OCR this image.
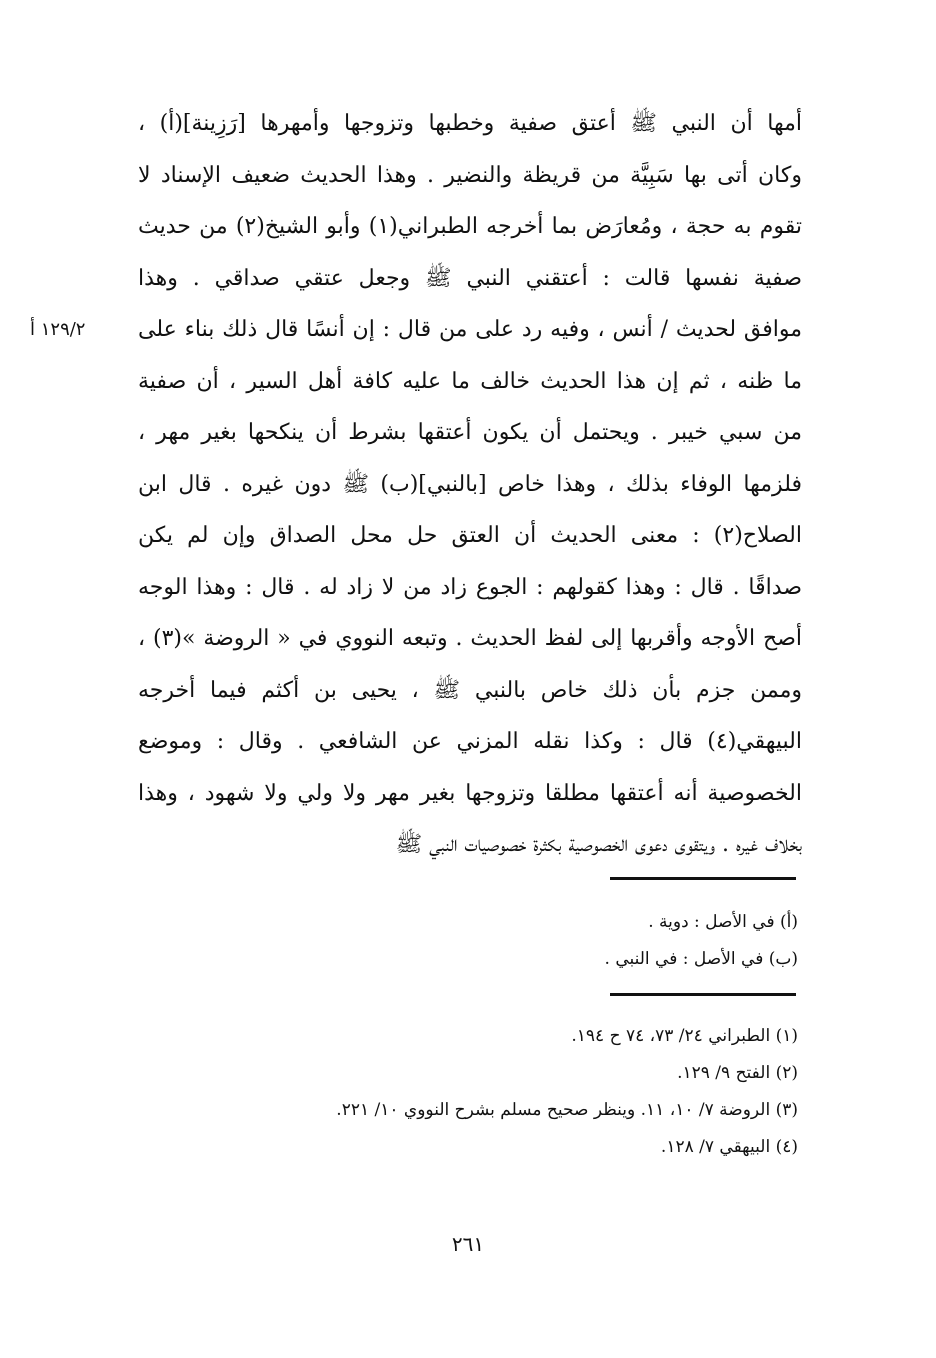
أمها أن النبي ﷺ أعتق صفية وخطبها وتزوجها وأمهرها [رَزِينة](أ) ،
وكان أتى بها سَبِيَّة من قريظة والنضير . وهذا الحديث ضعيف الإسناد لا
تقوم به حجة ، ومُعارَض بما أخرجه الطبراني(١) وأبو الشيخ(٢) من حديث
صفية نفسها قالت : أعتقني النبي ﷺ وجعل عتقي صداقي . وهذا
موافق لحديث / أنس ، وفيه رد على من قال : إن أنسًا قال ذلك بناء على
ما ظنه ، ثم إن هذا الحديث خالف ما عليه كافة أهل السير ، أن صفية
من سبي خيبر . ويحتمل أن يكون أعتقها بشرط أن ينكحها بغير مهر ،
فلزمها الوفاء بذلك ، وهذا خاص [بالنبي](ب) ﷺ دون غيره . قال ابن
الصلاح(٢) : معنى الحديث أن العتق حل محل الصداق وإن لم يكن
صداقًا . قال : وهذا كقولهم : الجوع زاد من لا زاد له . قال : وهذا الوجه
أصح الأوجه وأقربها إلى لفظ الحديث . وتبعه النووي في « الروضة »(٣) ،
وممن جزم بأن ذلك خاص بالنبي ﷺ ، يحيى بن أكثم فيما أخرجه
البيهقي(٤) قال : وكذا نقله المزني عن الشافعي . وقال : وموضع
الخصوصية أنه أعتقها مطلقا وتزوجها بغير مهر ولا ولي ولا شهود ، وهذا
بخلاف غيره . ويتقوى دعوى الخصوصية بكثرة خصوصيات النبي ﷺ
١٢٩/٢ أ
(أ) في الأصل : دوية .
(ب) في الأصل : في النبي .
(١) الطبراني ٢٤/ ٧٣، ٧٤ ح ١٩٤.
(٢) الفتح ٩/ ١٢٩.
(٣) الروضة ٧/ ١٠، ١١. وينظر صحيح مسلم بشرح النووي ١٠/ ٢٢١.
(٤) البيهقي ٧/ ١٢٨.
٢٦١
